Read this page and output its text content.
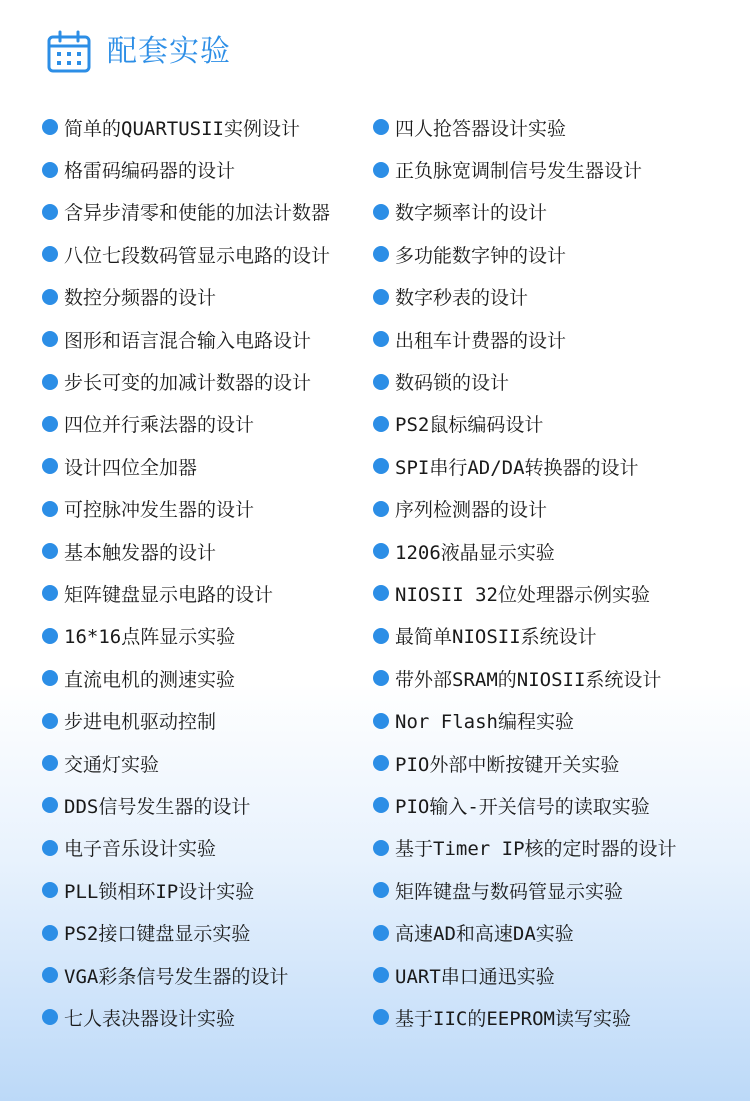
配套实验
简单的QUARTUSII实例设计
格雷码编码器的设计
含异步清零和使能的加法计数器
八位七段数码管显示电路的设计
数控分频器的设计
图形和语言混合输入电路设计
步长可变的加减计数器的设计
四位并行乘法器的设计
设计四位全加器
可控脉冲发生器的设计
基本触发器的设计
矩阵键盘显示电路的设计
16*16点阵显示实验
直流电机的测速实验
步进电机驱动控制
交通灯实验
DDS信号发生器的设计
电子音乐设计实验
PLL锁相环IP设计实验
PS2接口键盘显示实验
VGA彩条信号发生器的设计
七人表决器设计实验
四人抢答器设计实验
正负脉宽调制信号发生器设计
数字频率计的设计
多功能数字钟的设计
数字秒表的设计
出租车计费器的设计
数码锁的设计
PS2鼠标编码设计
SPI串行AD/DA转换器的设计
序列检测器的设计
1206液晶显示实验
NIOSII 32位处理器示例实验
最简单NIOSII系统设计
带外部SRAM的NIOSII系统设计
Nor Flash编程实验
PIO外部中断按键开关实验
PIO输入-开关信号的读取实验
基于Timer IP核的定时器的设计
矩阵键盘与数码管显示实验
高速AD和高速DA实验
UART串口通迅实验
基于IIC的EEPROM读写实验
